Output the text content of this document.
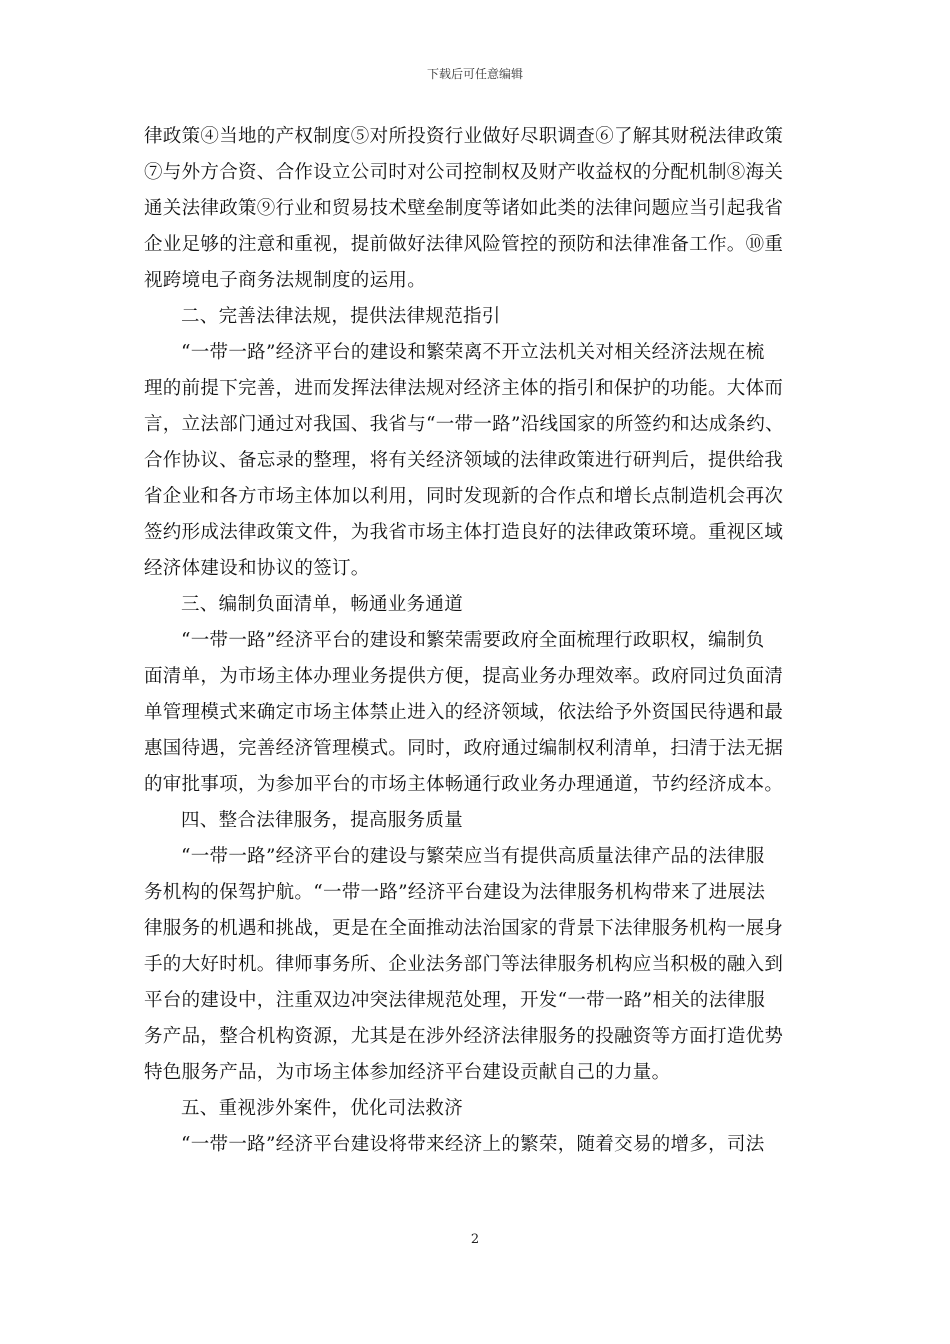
下载后可任意编辑
律政策④当地的产权制度⑤对所投资行业做好尽职调查⑥了解其财税法律政策
⑦与外方合资、合作设立公司时对公司控制权及财产收益权的分配机制⑧海关
通关法律政策⑨行业和贸易技术壁垒制度等诸如此类的法律问题应当引起我省
企业足够的注意和重视，提前做好法律风险管控的预防和法律准备工作。⑩重
视跨境电子商务法规制度的运用。
二、完善法律法规，提供法律规范指引
“一带一路”经济平台的建设和繁荣离不开立法机关对相关经济法规在梳
理的前提下完善，进而发挥法律法规对经济主体的指引和保护的功能。大体而
言，立法部门通过对我国、我省与“一带一路”沿线国家的所签约和达成条约、
合作协议、备忘录的整理，将有关经济领域的法律政策进行研判后，提供给我
省企业和各方市场主体加以利用，同时发现新的合作点和增长点制造机会再次
签约形成法律政策文件，为我省市场主体打造良好的法律政策环境。重视区域
经济体建设和协议的签订。
三、编制负面清单，畅通业务通道
“一带一路”经济平台的建设和繁荣需要政府全面梳理行政职权，编制负
面清单，为市场主体办理业务提供方便，提高业务办理效率。政府同过负面清
单管理模式来确定市场主体禁止进入的经济领域，依法给予外资国民待遇和最
惠国待遇，完善经济管理模式。同时，政府通过编制权利清单，扫清于法无据
的审批事项，为参加平台的市场主体畅通行政业务办理通道，节约经济成本。
四、整合法律服务，提高服务质量
“一带一路”经济平台的建设与繁荣应当有提供高质量法律产品的法律服
务机构的保驾护航。“一带一路”经济平台建设为法律服务机构带来了进展法
律服务的机遇和挑战，更是在全面推动法治国家的背景下法律服务机构一展身
手的大好时机。律师事务所、企业法务部门等法律服务机构应当积极的融入到
平台的建设中，注重双边冲突法律规范处理，开发“一带一路”相关的法律服
务产品，整合机构资源，尤其是在涉外经济法律服务的投融资等方面打造优势
特色服务产品，为市场主体参加经济平台建设贡献自己的力量。
五、重视涉外案件，优化司法救济
“一带一路”经济平台建设将带来经济上的繁荣，随着交易的增多，司法
2
